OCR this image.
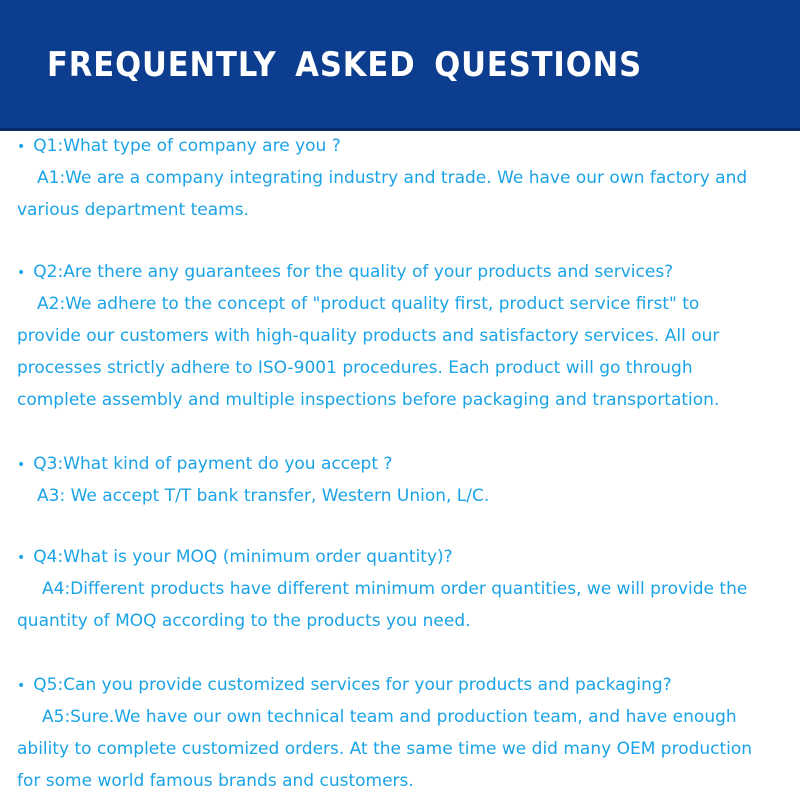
FREQUENTLY ASKED QUESTIONS

• Q1:What type of company are you ?

A1:We are a company integrating industry and trade. We have our own factory and

various department teams.

• Q2:Are there any guarantees for the quality of your products and services?

A2:We adhere to the concept of "product quality first, product service first" to

provide our customers with high-quality products and satisfactory services. All our

processes strictly adhere to ISO-9001 procedures. Each product will go through

complete assembly and multiple inspections before packaging and transportation.

• Q3:What kind of payment do you accept ?

A3: We accept T/T bank transfer, Western Union, L/C.

• Q4:What is your MOQ (minimum order quantity)?

A4:Different products have different minimum order quantities, we will provide the

quantity of MOQ according to the products you need.

• Q5:Can you provide customized services for your products and packaging?

A5:Sure.We have our own technical team and production team, and have enough

ability to complete customized orders. At the same time we did many OEM production

for some world famous brands and customers.
